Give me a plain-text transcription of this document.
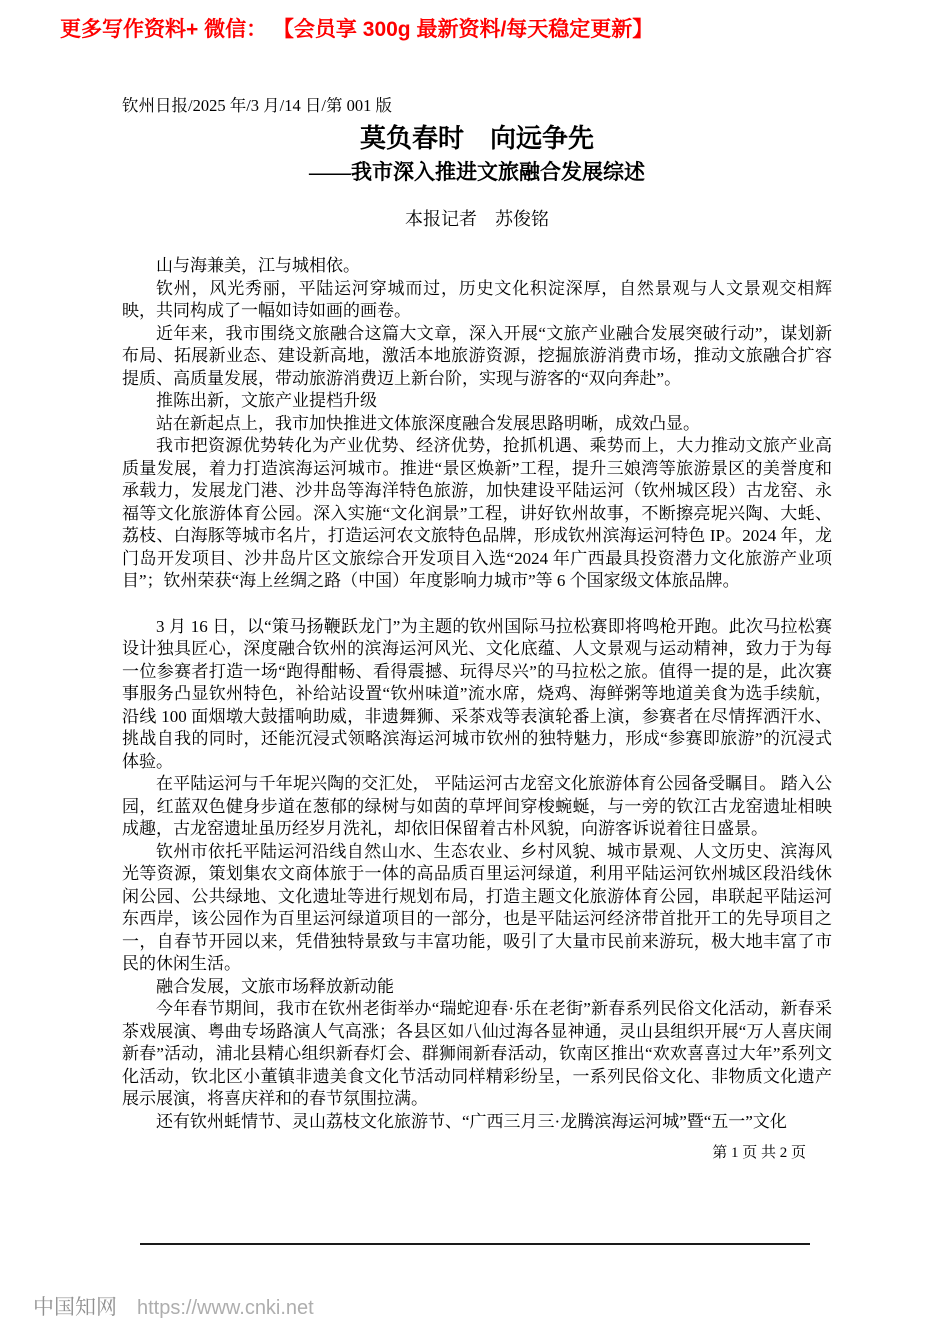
更多写作资料+ 微信： 【会员享 300g 最新资料/每天稳定更新】
钦州日报/2025 年/3 月/14 日/第 001 版
莫负春时　向远争先
——我市深入推进文旅融合发展综述
本报记者　苏俊铭

山与海兼美，江与城相依。

钦州，风光秀丽，平陆运河穿城而过，历史文化积淀深厚，自然景观与人文景观交相辉映，共同构成了一幅如诗如画的画卷。

近年来，我市围绕文旅融合这篇大文章，深入开展“文旅产业融合发展突破行动”，谋划新布局、拓展新业态、建设新高地，激活本地旅游资源，挖掘旅游消费市场，推动文旅融合扩容提质、高质量发展，带动旅游消费迈上新台阶，实现与游客的“双向奔赴”。

推陈出新，文旅产业提档升级

站在新起点上，我市加快推进文体旅深度融合发展思路明晰，成效凸显。

我市把资源优势转化为产业优势、经济优势，抢抓机遇、乘势而上，大力推动文旅产业高质量发展，着力打造滨海运河城市。推进“景区焕新”工程，提升三娘湾等旅游景区的美誉度和承载力，发展龙门港、沙井岛等海洋特色旅游，加快建设平陆运河（钦州城区段）古龙窑、永福等文化旅游体育公园。深入实施“文化润景”工程，讲好钦州故事，不断擦亮坭兴陶、大蚝、荔枝、白海豚等城市名片，打造运河农文旅特色品牌，形成钦州滨海运河特色 IP。2024 年，龙门岛开发项目、沙井岛片区文旅综合开发项目入选“2024 年广西最具投资潜力文化旅游产业项目”；钦州荣获“海上丝绸之路（中国）年度影响力城市”等 6 个国家级文体旅品牌。

3 月 16 日，以“策马扬鞭跃龙门”为主题的钦州国际马拉松赛即将鸣枪开跑。此次马拉松赛设计独具匠心，深度融合钦州的滨海运河风光、文化底蕴、人文景观与运动精神，致力于为每一位参赛者打造一场“跑得酣畅、看得震撼、玩得尽兴”的马拉松之旅。值得一提的是，此次赛事服务凸显钦州特色，补给站设置“钦州味道”流水席，烧鸡、海鲜粥等地道美食为选手续航，沿线 100 面烟墩大鼓擂响助威，非遗舞狮、采茶戏等表演轮番上演，参赛者在尽情挥洒汗水、挑战自我的同时，还能沉浸式领略滨海运河城市钦州的独特魅力，形成“参赛即旅游”的沉浸式体验。

在平陆运河与千年坭兴陶的交汇处， 平陆运河古龙窑文化旅游体育公园备受瞩目。 踏入公园，红蓝双色健身步道在葱郁的绿树与如茵的草坪间穿梭蜿蜒，与一旁的钦江古龙窑遗址相映成趣，古龙窑遗址虽历经岁月洗礼，却依旧保留着古朴风貌，向游客诉说着往日盛景。

钦州市依托平陆运河沿线自然山水、生态农业、乡村风貌、城市景观、人文历史、滨海风光等资源，策划集农文商体旅于一体的高品质百里运河绿道，利用平陆运河钦州城区段沿线休闲公园、公共绿地、文化遗址等进行规划布局，打造主题文化旅游体育公园，串联起平陆运河东西岸，该公园作为百里运河绿道项目的一部分，也是平陆运河经济带首批开工的先导项目之一，自春节开园以来，凭借独特景致与丰富功能，吸引了大量市民前来游玩，极大地丰富了市民的休闲生活。

融合发展，文旅市场释放新动能

今年春节期间，我市在钦州老街举办“瑞蛇迎春·乐在老街”新春系列民俗文化活动，新春采茶戏展演、粤曲专场路演人气高涨；各县区如八仙过海各显神通，灵山县组织开展“万人喜庆闹新春”活动，浦北县精心组织新春灯会、群狮闹新春活动，钦南区推出“欢欢喜喜过大年”系列文化活动，钦北区小董镇非遗美食文化节活动同样精彩纷呈，一系列民俗文化、非物质文化遗产展示展演，将喜庆祥和的春节氛围拉满。

还有钦州蚝情节、灵山荔枝文化旅游节、“广西三月三·龙腾滨海运河城”暨“五一”文化

第 1 页 共 2 页
中国知网 https://www.cnki.net
